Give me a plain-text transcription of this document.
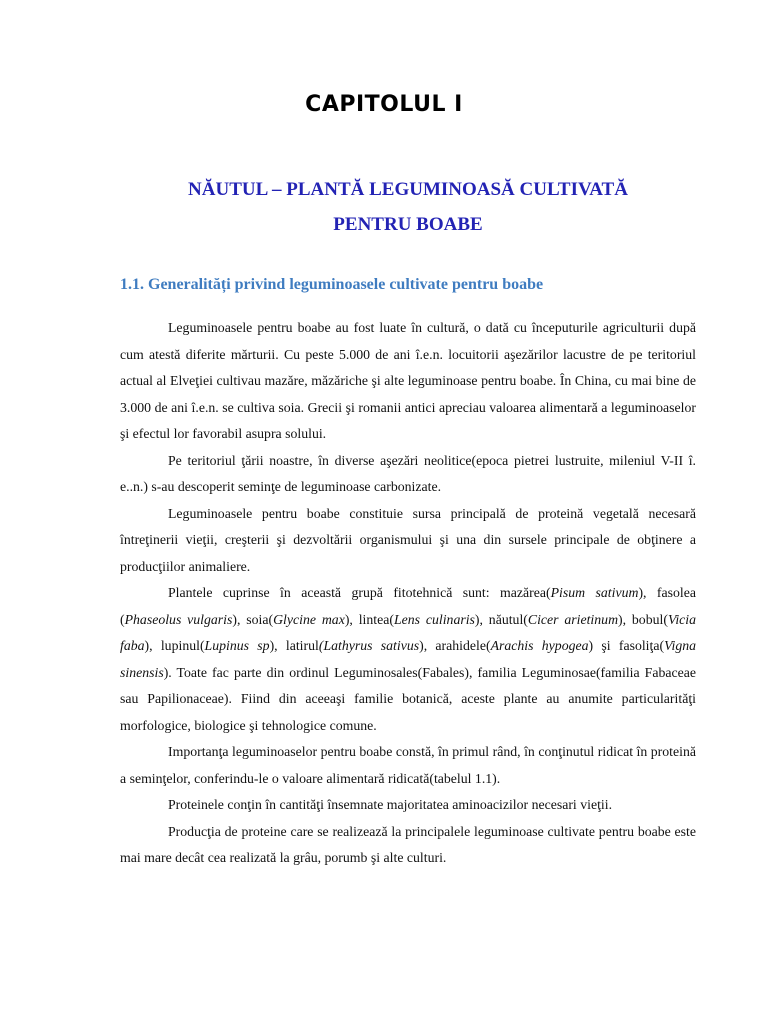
CAPITOLUL I
NĂUTUL – PLANTĂ LEGUMINOASĂ CULTIVATĂ
PENTRU BOABE
1.1. Generalități privind leguminoasele cultivate pentru boabe

Leguminoasele pentru boabe au fost luate în cultură, o dată cu începuturile agriculturii după cum atestă diferite mărturii. Cu peste 5.000 de ani î.e.n. locuitorii aşezărilor lacustre de pe teritoriul actual al Elveţiei cultivau mazăre, măzăriche şi alte leguminoase pentru boabe. În China, cu mai bine de 3.000 de ani î.e.n. se cultiva soia. Grecii şi romanii antici apreciau valoarea alimentară a leguminoaselor şi efectul lor favorabil asupra solului.

Pe teritoriul ţării noastre, în diverse aşezări neolitice(epoca pietrei lustruite, mileniul V-II î. e..n.) s-au descoperit seminţe de leguminoase carbonizate.

Leguminoasele pentru boabe constituie sursa principală de proteină vegetală necesară întreţinerii vieţii, creşterii şi dezvoltării organismului şi una din sursele principale de obţinere a producţiilor animaliere.

Plantele cuprinse în această grupă fitotehnică sunt: mazărea(Pisum sativum), fasolea (Phaseolus vulgaris), soia(Glycine max), lintea(Lens culinaris), năutul(Cicer arietinum), bobul(Vicia faba), lupinul(Lupinus sp), latirul(Lathyrus sativus), arahidele(Arachis hypogea) şi fasoliţa(Vigna sinensis). Toate fac parte din ordinul Leguminosales(Fabales), familia Leguminosae(familia Fabaceae sau Papilionaceae). Fiind din aceeaşi familie botanică, aceste plante au anumite particularităţi morfologice, biologice şi tehnologice comune.

Importanţa leguminoaselor pentru boabe constă, în primul rând, în conţinutul ridicat în proteină a seminţelor, conferindu-le o valoare alimentară ridicată(tabelul 1.1).

Proteinele conţin în cantităţi însemnate majoritatea aminoacizilor necesari vieţii.

Producţia de proteine care se realizează la principalele leguminoase cultivate pentru boabe este mai mare decât cea realizată la grâu, porumb şi alte culturi.
